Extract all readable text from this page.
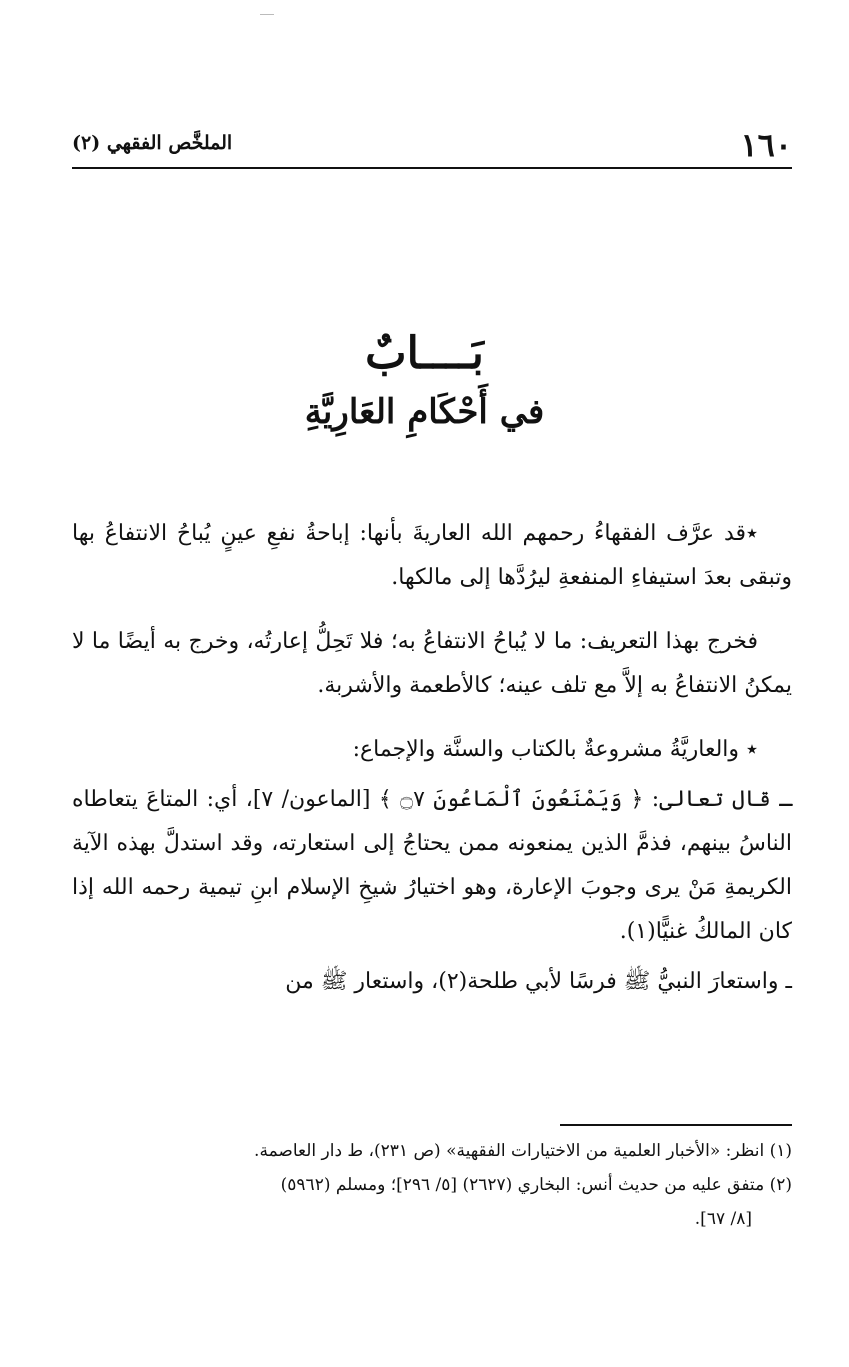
١٦٠
الملخَّص الفقهي (٢)
بَــــابٌ
في أَحْكَامِ العَارِيَّةِ

٭قد عرَّف الفقهاءُ رحمهم الله العاريةَ بأنها: إباحةُ نفعِ عينٍ يُباحُ الانتفاعُ بها وتبقى بعدَ استيفاءِ المنفعةِ ليرُدَّها إلى مالكها.

فخرج بهذا التعريف: ما لا يُباحُ الانتفاعُ به؛ فلا تَحِلُّ إعارتُه، وخرج به أيضًا ما لا يمكنُ الانتفاعُ به إلاَّ مع تلف عينه؛ كالأطعمة والأشربة.

٭ والعاريَّةُ مشروعةٌ بالكتاب والسنَّة والإجماع:

ـ قال تعالى: ﴿ وَيَمْنَعُونَ ٱلْمَاعُونَ ۝٧ ﴾ [الماعون/ ٧]، أي: المتاعَ يتعاطاه الناسُ بينهم، فذمَّ الذين يمنعونه ممن يحتاجُ إلى استعارته، وقد استدلَّ بهذه الآية الكريمةِ مَنْ يرى وجوبَ الإعارة، وهو اختيارُ شيخِ الإسلام ابنِ تيمية رحمه الله إذا كان المالكُ غنيًّا(١).

ـ واستعارَ النبيُّ ﷺ فرسًا لأبي طلحة(٢)، واستعار ﷺ من

(١) انظر: «الأخبار العلمية من الاختيارات الفقهية» (ص ٢٣١)، ط دار العاصمة.

(٢) متفق عليه من حديث أنس: البخاري (٢٦٢٧) [٥/ ٢٩٦]؛ ومسلم (٥٩٦٢)

[٨/ ٦٧].
